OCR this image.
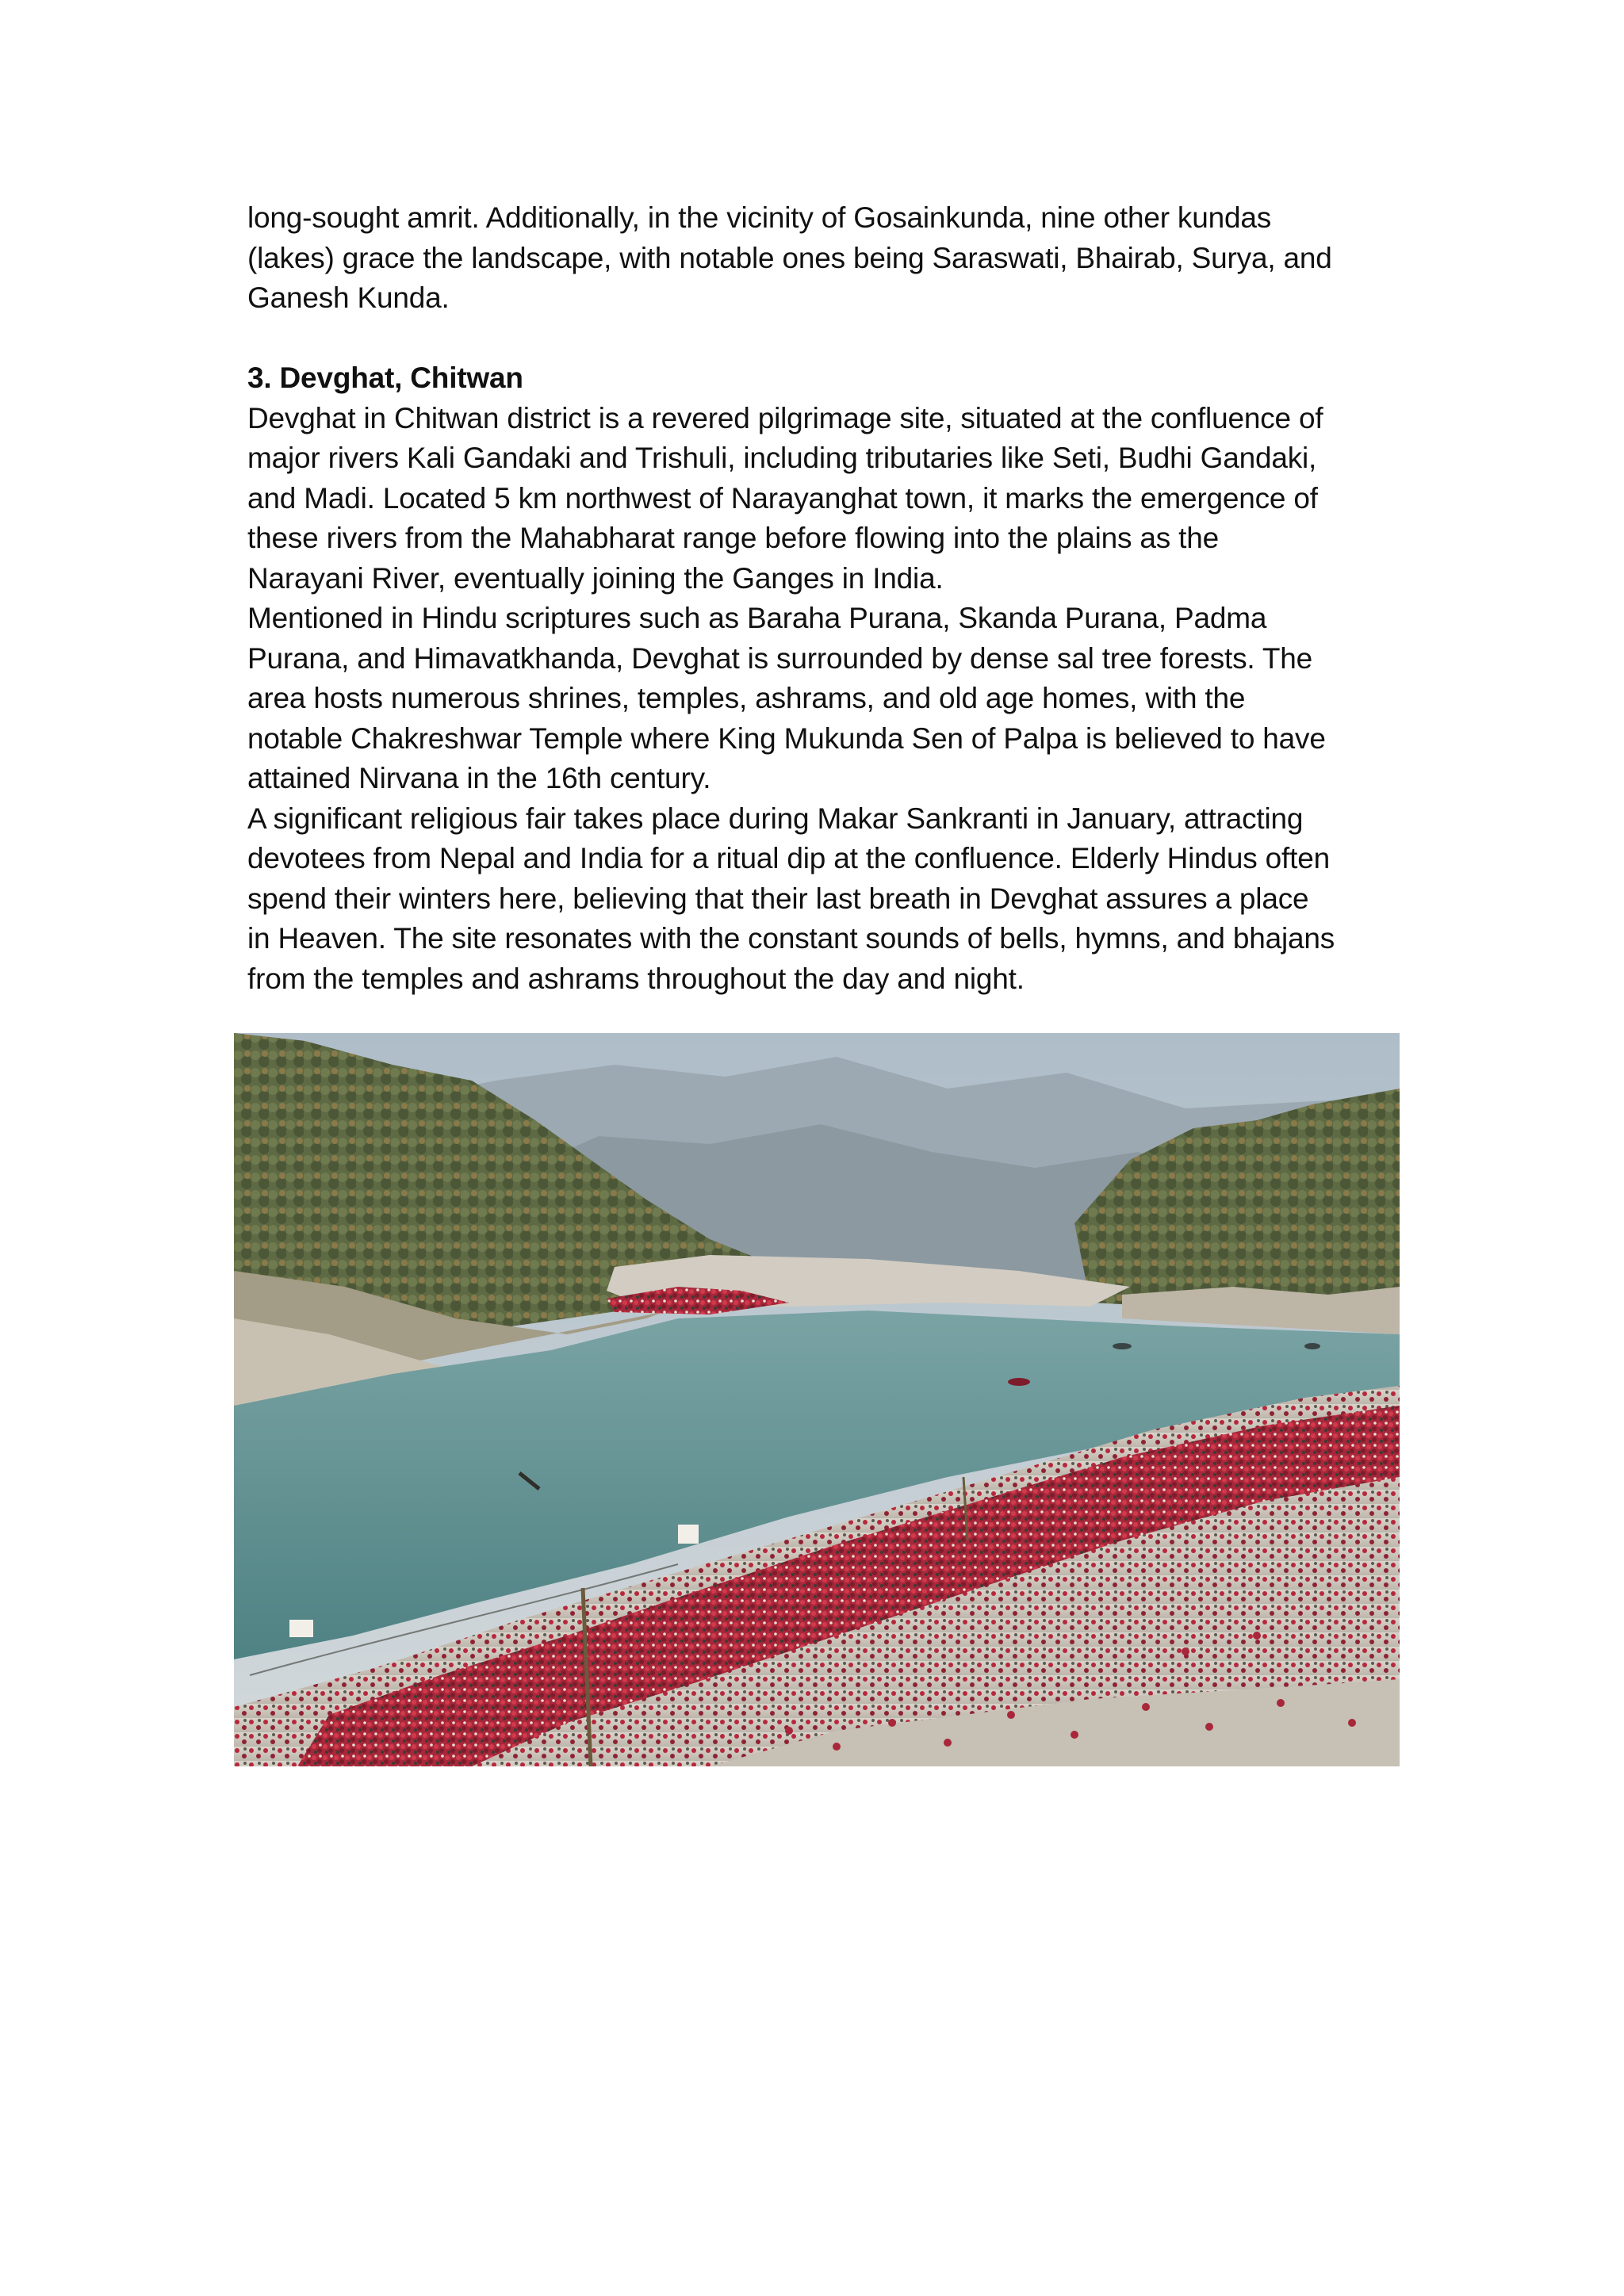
long-sought amrit. Additionally, in the vicinity of Gosainkunda, nine other kundas
(lakes) grace the landscape, with notable ones being Saraswati, Bhairab, Surya, and
Ganesh Kunda.

3. Devghat, Chitwan

Devghat in Chitwan district is a revered pilgrimage site, situated at the confluence of
major rivers Kali Gandaki and Trishuli, including tributaries like Seti, Budhi Gandaki,
and Madi. Located 5 km northwest of Narayanghat town, it marks the emergence of
these rivers from the Mahabharat range before flowing into the plains as the
Narayani River, eventually joining the Ganges in India.

Mentioned in Hindu scriptures such as Baraha Purana, Skanda Purana, Padma
Purana, and Himavatkhanda, Devghat is surrounded by dense sal tree forests. The
area hosts numerous shrines, temples, ashrams, and old age homes, with the
notable Chakreshwar Temple where King Mukunda Sen of Palpa is believed to have
attained Nirvana in the 16th century.

A significant religious fair takes place during Makar Sankranti in January, attracting
devotees from Nepal and India for a ritual dip at the confluence. Elderly Hindus often
spend their winters here, believing that their last breath in Devghat assures a place
in Heaven. The site resonates with the constant sounds of bells, hymns, and bhajans
from the temples and ashrams throughout the day and night.
